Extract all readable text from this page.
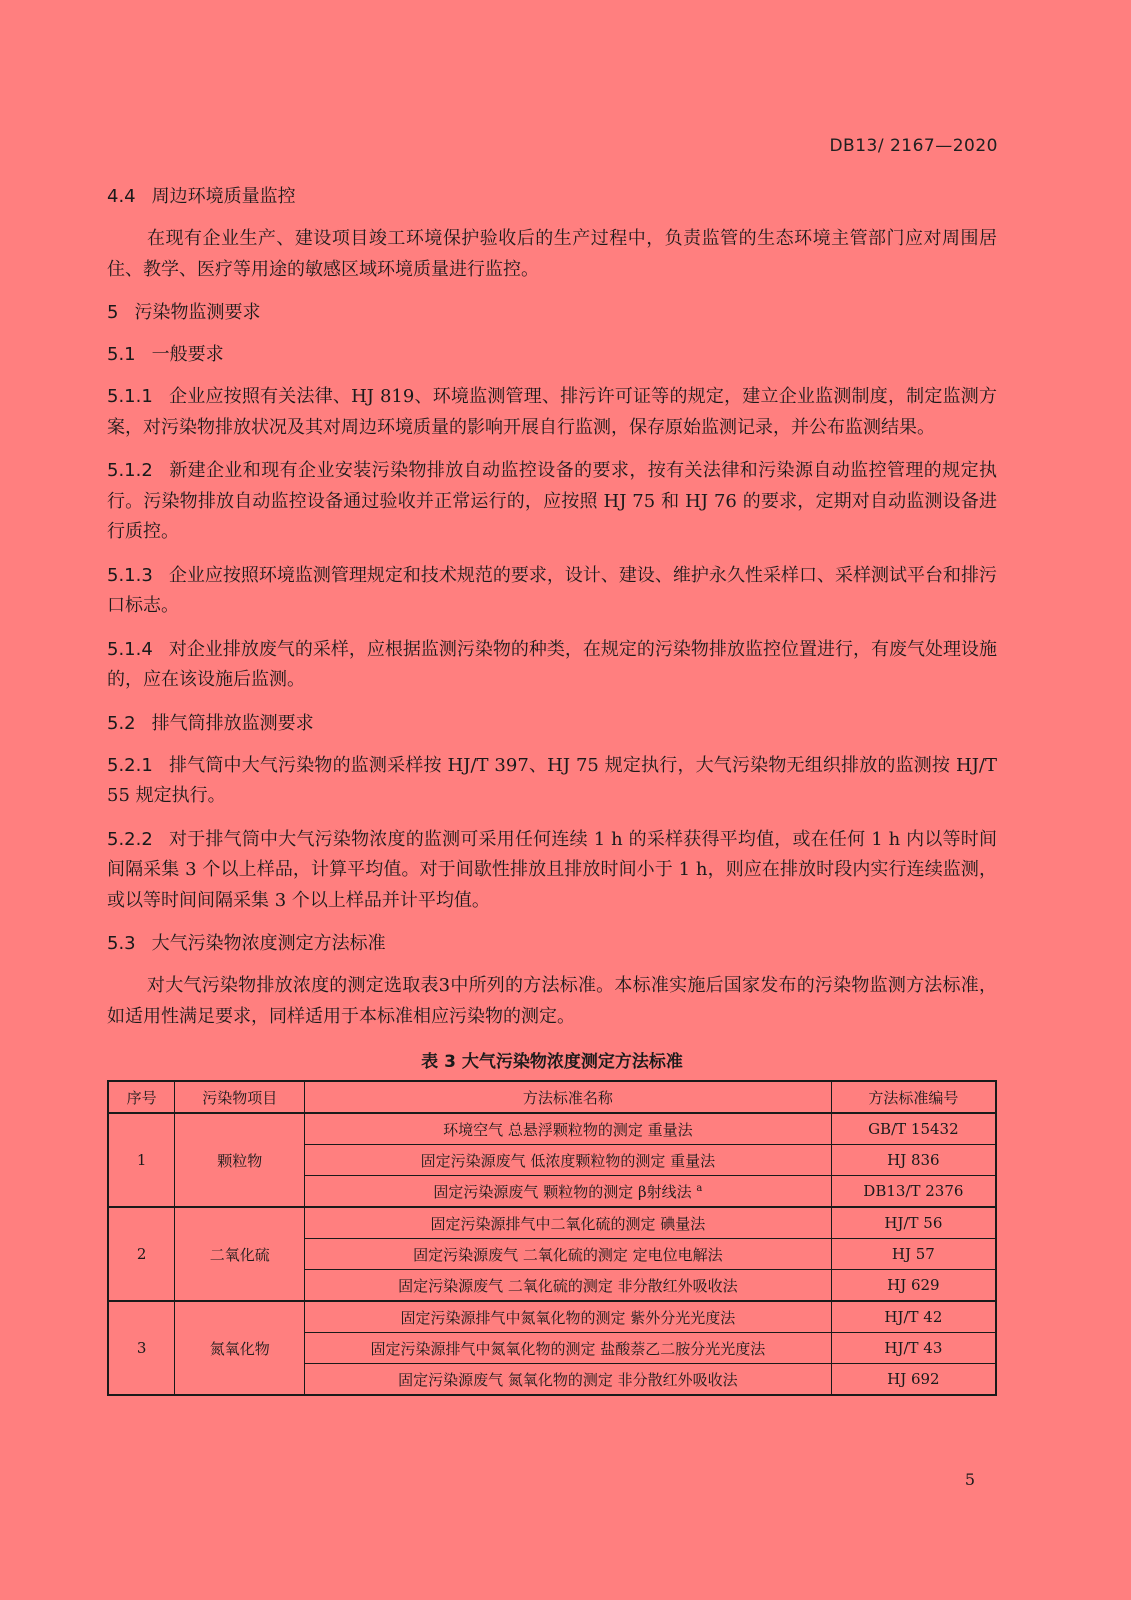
DB13/ 2167—2020
4.4 周边环境质量监控
在现有企业生产、建设项目竣工环境保护验收后的生产过程中，负责监管的生态环境主管部门应对周围居住、教学、医疗等用途的敏感区域环境质量进行监控。
5 污染物监测要求
5.1 一般要求
5.1.1 企业应按照有关法律、HJ 819、环境监测管理、排污许可证等的规定，建立企业监测制度，制定监测方案，对污染物排放状况及其对周边环境质量的影响开展自行监测，保存原始监测记录，并公布监测结果。
5.1.2 新建企业和现有企业安装污染物排放自动监控设备的要求，按有关法律和污染源自动监控管理的规定执行。污染物排放自动监控设备通过验收并正常运行的，应按照 HJ 75 和 HJ 76 的要求，定期对自动监测设备进行质控。
5.1.3 企业应按照环境监测管理规定和技术规范的要求，设计、建设、维护永久性采样口、采样测试平台和排污口标志。
5.1.4 对企业排放废气的采样，应根据监测污染物的种类，在规定的污染物排放监控位置进行，有废气处理设施的，应在该设施后监测。
5.2 排气筒排放监测要求
5.2.1 排气筒中大气污染物的监测采样按 HJ/T 397、HJ 75 规定执行，大气污染物无组织排放的监测按 HJ/T 55 规定执行。
5.2.2 对于排气筒中大气污染物浓度的监测可采用任何连续 1 h 的采样获得平均值，或在任何 1 h 内以等时间间隔采集 3 个以上样品，计算平均值。对于间歇性排放且排放时间小于 1 h，则应在排放时段内实行连续监测，或以等时间间隔采集 3 个以上样品并计平均值。
5.3 大气污染物浓度测定方法标准
对大气污染物排放浓度的测定选取表3中所列的方法标准。本标准实施后国家发布的污染物监测方法标准，如适用性满足要求，同样适用于本标准相应污染物的测定。
表 3 大气污染物浓度测定方法标准
序号	污染物项目	方法标准名称	方法标准编号
1	颗粒物	环境空气 总悬浮颗粒物的测定 重量法	GB/T 15432
		固定污染源废气 低浓度颗粒物的测定 重量法	HJ 836
		固定污染源废气 颗粒物的测定 β射线法 $^a$	DB13/T 2376
2	二氧化硫	固定污染源排气中二氧化硫的测定 碘量法	HJ/T 56
		固定污染源废气 二氧化硫的测定 定电位电解法	HJ 57
		固定污染源废气 二氧化硫的测定 非分散红外吸收法	HJ 629
3	氮氧化物	固定污染源排气中氮氧化物的测定 紫外分光光度法	HJ/T 42
		固定污染源排气中氮氧化物的测定 盐酸萘乙二胺分光光度法	HJ/T 43
		固定污染源废气 氮氧化物的测定 非分散红外吸收法	HJ 692
5
